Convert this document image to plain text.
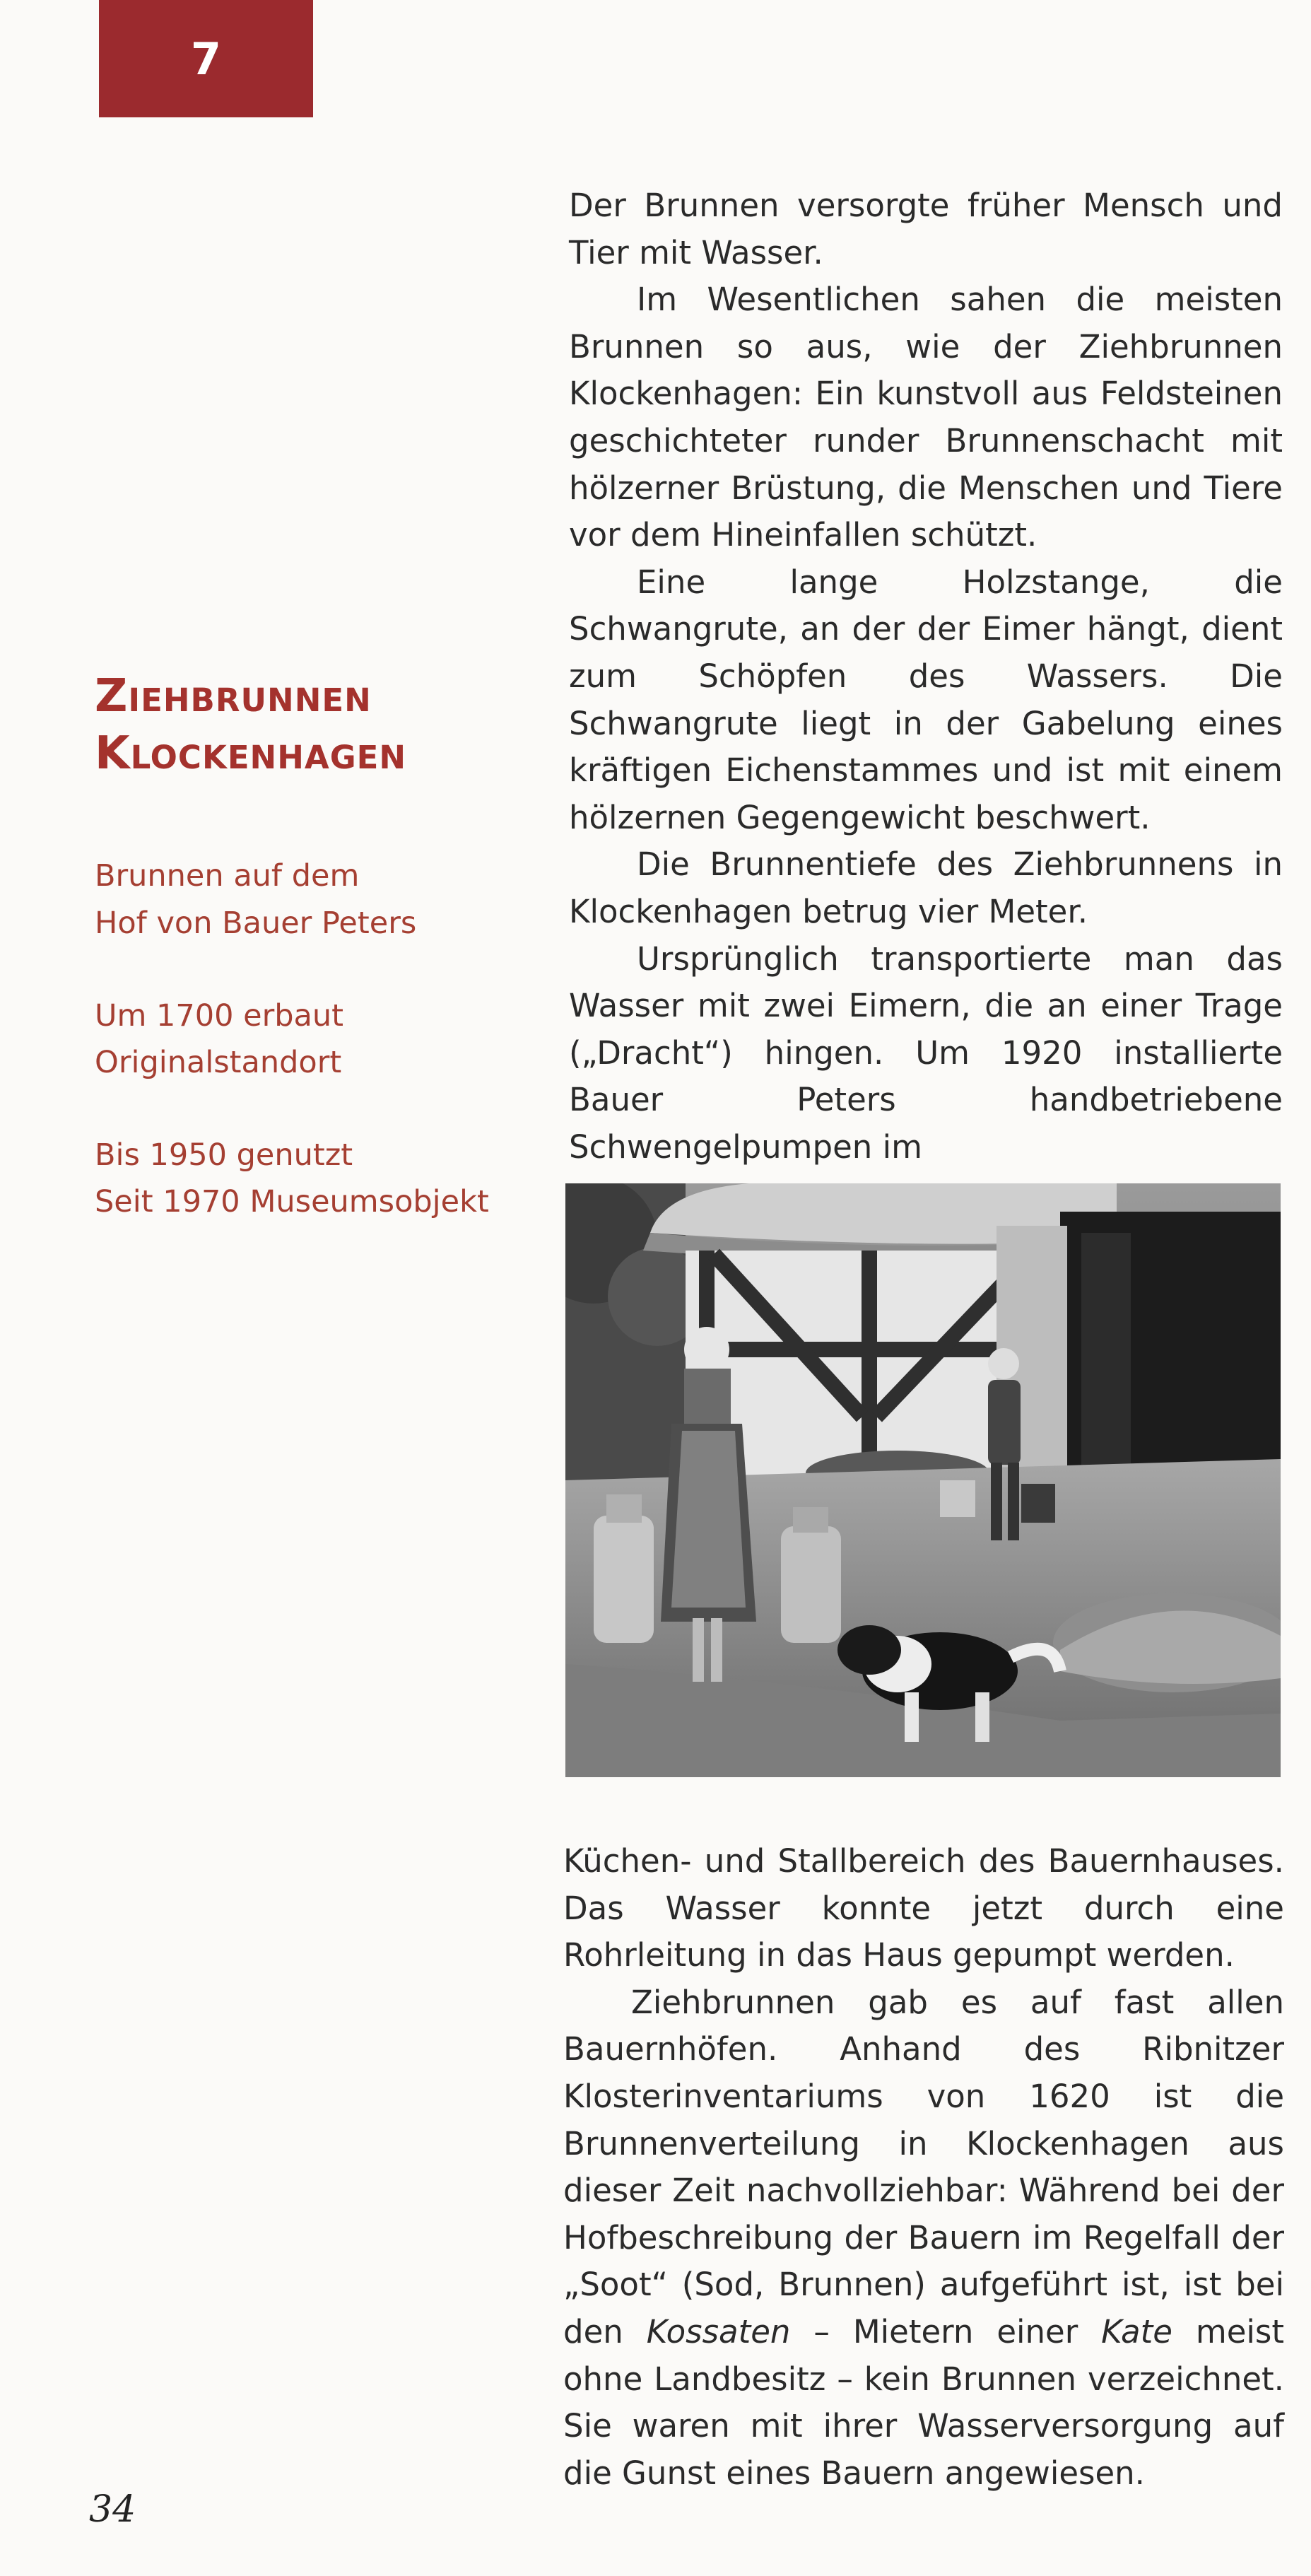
7
Ziehbrunnen
Klockenhagen
Brunnen auf dem
Hof von Bauer Peters
Um 1700 erbaut
Originalstandort
Bis 1950 genutzt
Seit 1970 Museumsobjekt

Der Brunnen versorgte früher Mensch und Tier mit Wasser.

Im Wesentlichen sahen die meisten Brunnen so aus, wie der Ziehbrunnen Klockenhagen: Ein kunstvoll aus Feldsteinen geschichteter runder Brunnenschacht mit hölzerner Brüstung, die Menschen und Tiere vor dem Hineinfallen schützt.

Eine lange Holzstange, die Schwangrute, an der der Eimer hängt, dient zum Schöpfen des Wassers. Die Schwangrute liegt in der Gabelung eines kräftigen Eichenstammes und ist mit einem hölzernen Gegengewicht beschwert.

Die Brunnentiefe des Ziehbrunnens in Klockenhagen betrug vier Meter.

Ursprünglich transportierte man das Wasser mit zwei Eimern, die an einer Trage („Dracht“) hingen. Um 1920 installierte Bauer Peters handbetriebene Schwengelpumpen im

Küchen- und Stallbereich des Bauernhauses. Das Wasser konnte jetzt durch eine Rohrleitung in das Haus gepumpt werden.

Ziehbrunnen gab es auf fast allen Bauernhöfen. Anhand des Ribnitzer Klosterinventariums von 1620 ist die Brunnenverteilung in Klockenhagen aus dieser Zeit nachvollziehbar: Während bei der Hofbeschreibung der Bauern im Regelfall der „Soot“ (Sod, Brunnen) aufgeführt ist, ist bei den Kossaten – Mietern einer Kate meist ohne Landbesitz – kein Brunnen verzeichnet. Sie waren mit ihrer Wasserversorgung auf die Gunst eines Bauern angewiesen.

34
